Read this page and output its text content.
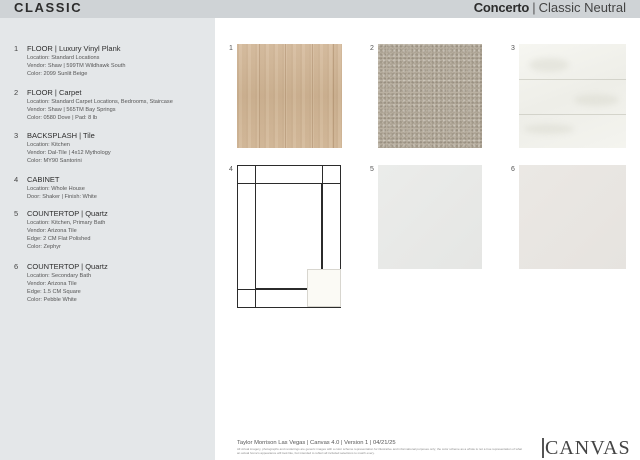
CLASSIC	Concerto | Classic Neutral
1 FLOOR | Luxury Vinyl Plank
Location: Standard Locations
Vendor: Shaw | 599TM Wildhawk South
Color: 2099 Sunlit Beige
2 FLOOR | Carpet
Location: Standard Carpet Locations, Bedrooms, Staircase
Vendor: Shaw | 565TM Bay Springs
Color: 0580 Dove | Pad: 8 lb
3 BACKSPLASH | Tile
Location: Kitchen
Vendor: Dal-Tile | 4x12 Mythology
Color: MY90 Santorini
4 CABINET
Location: Whole House
Door: Shaker | Finish: White
5 COUNTERTOP | Quartz
Location: Kitchen, Primary Bath
Vendor: Arizona Tile
Edge: 2 CM Flat Polished
Color: Zephyr
6 COUNTERTOP | Quartz
Location: Secondary Bath
Vendor: Arizona Tile
Edge: 1.5 CM Square
Color: Pebble White
1	2	3
4	5	6
Taylor Morrison Las Vegas | Canvas 4.0 | Version 1 | 04/21/25
All virtual imagery, photographs and renderings are generic images with a color scheme representation for illustrative and informational purposes only; the color scheme as a whole is not a true representation of what an actual home's appearance will look like, but intended to reflect all included selections to match every.	CANVAS
